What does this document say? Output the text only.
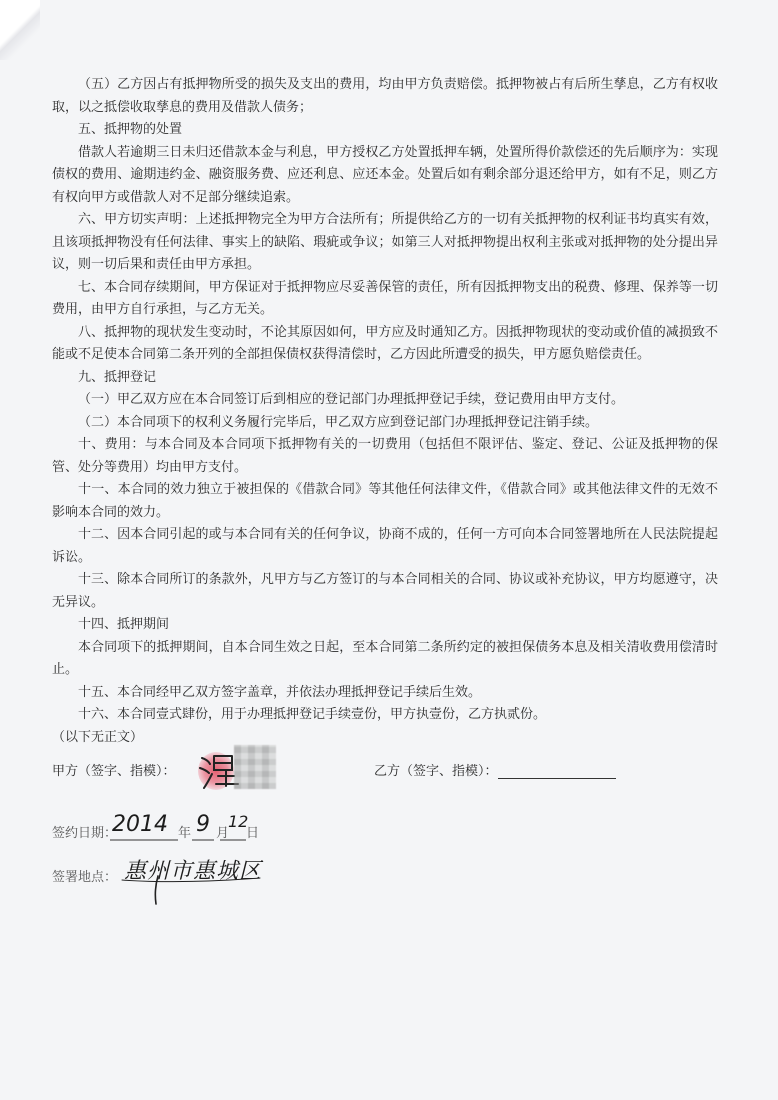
（五）乙方因占有抵押物所受的损失及支出的费用，均由甲方负责赔偿。抵押物被占有后所生孳息，乙方有权收取，以之抵偿收取孳息的费用及借款人债务；

五、抵押物的处置

借款人若逾期三日未归还借款本金与利息，甲方授权乙方处置抵押车辆，处置所得价款偿还的先后顺序为：实现债权的费用、逾期违约金、融资服务费、应还利息、应还本金。处置后如有剩余部分退还给甲方，如有不足，则乙方有权向甲方或借款人对不足部分继续追索。

六、甲方切实声明：上述抵押物完全为甲方合法所有；所提供给乙方的一切有关抵押物的权利证书均真实有效，且该项抵押物没有任何法律、事实上的缺陷、瑕疵或争议；如第三人对抵押物提出权利主张或对抵押物的处分提出异议，则一切后果和责任由甲方承担。

七、本合同存续期间，甲方保证对于抵押物应尽妥善保管的责任，所有因抵押物支出的税费、修理、保养等一切费用，由甲方自行承担，与乙方无关。

八、抵押物的现状发生变动时，不论其原因如何，甲方应及时通知乙方。因抵押物现状的变动或价值的减损致不能或不足使本合同第二条开列的全部担保债权获得清偿时，乙方因此所遭受的损失，甲方愿负赔偿责任。

九、抵押登记

（一）甲乙双方应在本合同签订后到相应的登记部门办理抵押登记手续，登记费用由甲方支付。

（二）本合同项下的权利义务履行完毕后，甲乙双方应到登记部门办理抵押登记注销手续。

十、费用：与本合同及本合同项下抵押物有关的一切费用（包括但不限评估、鉴定、登记、公证及抵押物的保管、处分等费用）均由甲方支付。

十一、本合同的效力独立于被担保的《借款合同》等其他任何法律文件，《借款合同》或其他法律文件的无效不影响本合同的效力。

十二、因本合同引起的或与本合同有关的任何争议，协商不成的，任何一方可向本合同签署地所在人民法院提起诉讼。

十三、除本合同所订的条款外，凡甲方与乙方签订的与本合同相关的合同、协议或补充协议，甲方均愿遵守，决无异议。

十四、抵押期间

本合同项下的抵押期间，自本合同生效之日起，至本合同第二条所约定的被担保债务本息及相关清收费用偿清时止。

十五、本合同经甲乙双方签字盖章，并依法办理抵押登记手续后生效。

十六、本合同壹式肆份，用于办理抵押登记手续壹份，甲方执壹份，乙方执贰份。

（以下无正文）

甲方（签字、指模）：	乙方（签字、指模）：
签约日期：
2014 年 9 月
12
日
签署地点： 惠州市惠城区
